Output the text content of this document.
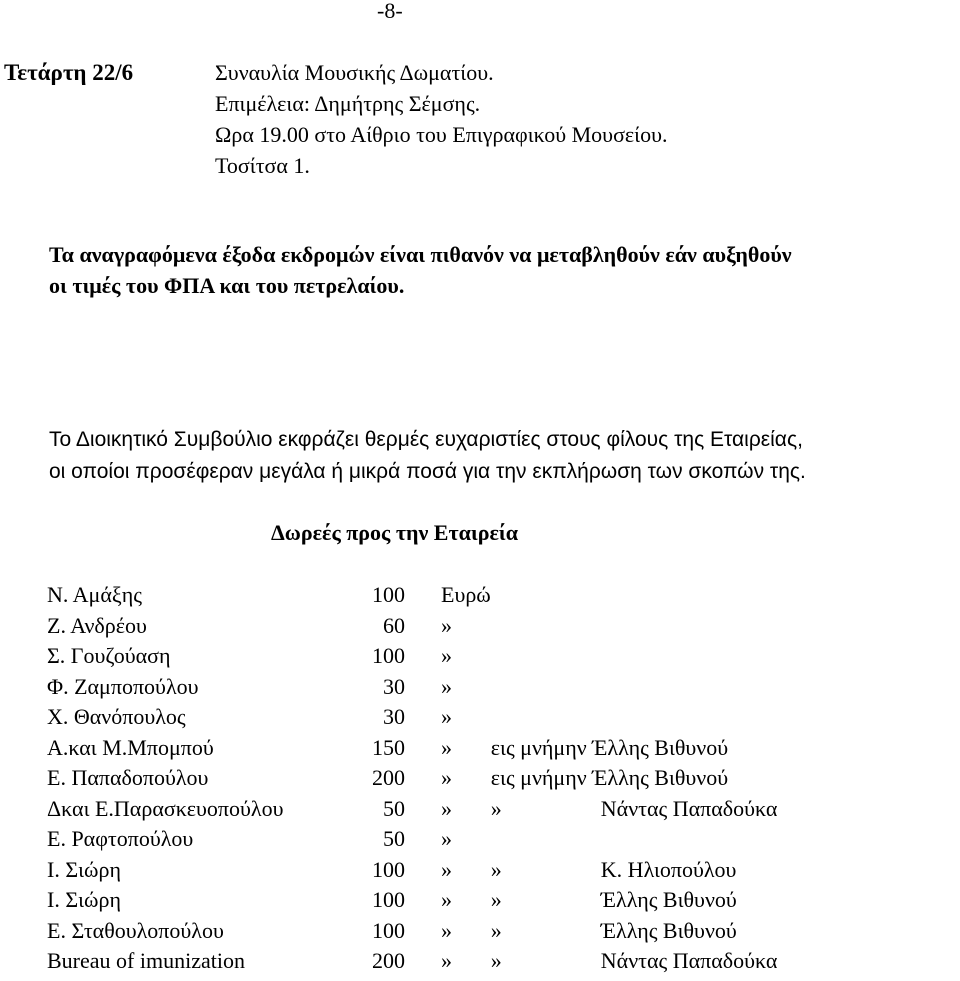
-8-
Τετάρτη 22/6	Συναυλία Μουσικής Δωματίου.
Επιμέλεια: Δημήτρης Σέμσης.
Ωρα 19.00 στο Αίθριο του Επιγραφικού Μουσείου.
Τοσίτσα 1.
Τα αναγραφόμενα έξοδα εκδρομών είναι πιθανόν να μεταβληθούν εάν αυξηθούν
οι τιμές του ΦΠΑ και του πετρελαίου.
Το Διοικητικό Συμβούλιο εκφράζει θερμές ευχαριστίες στους φίλους της Εταιρείας,
οι οποίοι προσέφεραν μεγάλα ή μικρά ποσά για την εκπλήρωση των σκοπών της.
Δωρεές προς την Εταιρεία
Ν. Αμάξης	100		Ευρώ	
Ζ. Ανδρέου	60		»	
Σ. Γουζούαση	100		»	
Φ. Ζαμποπούλου	30		»	
Χ. Θανόπουλος	30		»	
Α.και Μ.Μπομπού	150		»	εις μνήμην Έλλης Βιθυνού
Ε. Παπαδοπούλου	200		»	εις μνήμην Έλλης Βιθυνού
Δκαι Ε.Παρασκευοπούλου	50		»	» Νάντας Παπαδούκα
Ε. Ραφτοπούλου	50		»	
Ι. Σιώρη	100		»	» Κ. Ηλιοπούλου
Ι. Σιώρη	100		»	» Έλλης Βιθυνού
Ε. Σταθουλοπούλου	100		»	» Έλλης Βιθυνού
Bureau of imunization	200		»	» Νάντας Παπαδούκα
